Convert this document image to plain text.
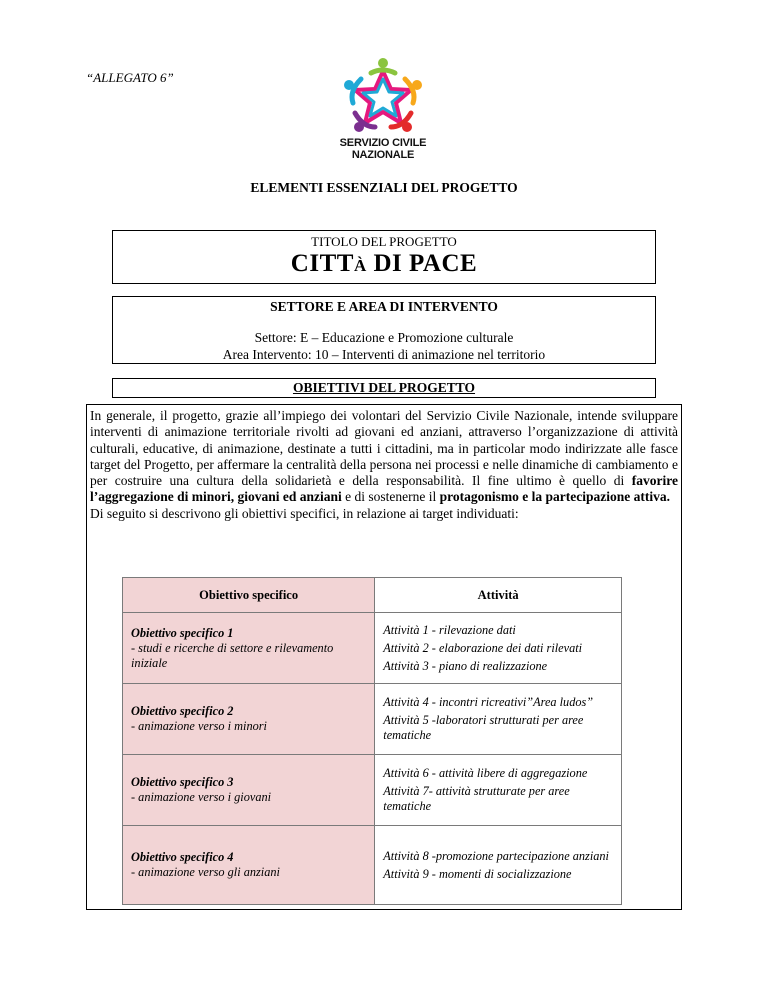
“ALLEGATO 6”
SERVIZIO CIVILE
NAZIONALE
ELEMENTI ESSENZIALI DEL PROGETTO
TITOLO DEL PROGETTO
CITTÀ DI PACE
SETTORE E AREA DI INTERVENTO
Settore: E – Educazione e Promozione culturale
Area Intervento: 10 – Interventi di animazione nel territorio
OBIETTIVI DEL PROGETTO

In generale, il progetto, grazie all’impiego dei volontari del Servizio Civile Nazionale, intende sviluppare interventi di animazione territoriale rivolti ad giovani ed anziani, attraverso l’organizzazione di attività culturali, educative, di animazione, destinate a tutti i cittadini, ma in particolar modo indirizzate alle fasce target del Progetto, per affermare la centralità della persona nei processi e nelle dinamiche di cambiamento e per costruire una cultura della solidarietà e della responsabilità. Il fine ultimo è quello di favorire l’aggregazione di minori, giovani ed anziani e di sostenerne il protagonismo e la partecipazione attiva.

Di seguito si descrivono gli obiettivi specifici, in relazione ai target individuati:

Obiettivo specifico	Attività
Obiettivo specifico 1
- studi e ricerche di settore e rilevamento iniziale	Attività 1 - rilevazione dati
Attività 2 - elaborazione dei dati rilevati
Attività 3 - piano di realizzazione

Obiettivo specifico 2
- animazione verso i minori	Attività 4 - incontri ricreativi”Area ludos”
Attività 5 -laboratori strutturati per aree tematiche

Obiettivo specifico 3
- animazione verso i giovani	Attività 6 - attività libere di aggregazione
Attività 7- attività strutturate per aree tematiche

Obiettivo specifico 4
- animazione verso gli anziani	Attività 8 -promozione partecipazione anziani
Attività 9 - momenti di socializzazione
